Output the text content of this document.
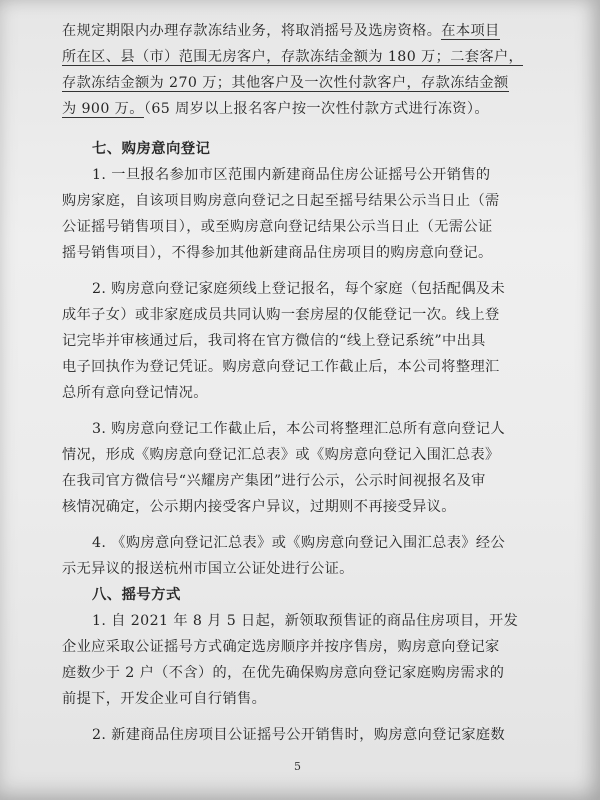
在规定期限内办理存款冻结业务，将取消摇号及选房资格。在本项目
所在区、县（市）范围无房客户，存款冻结金额为 180 万；二套客户，
存款冻结金额为 270 万；其他客户及一次性付款客户，存款冻结金额
为 900 万。（65 周岁以上报名客户按一次性付款方式进行冻资）。
七、购房意向登记
1. 一旦报名参加市区范围内新建商品住房公证摇号公开销售的
购房家庭，自该项目购房意向登记之日起至摇号结果公示当日止（需
公证摇号销售项目），或至购房意向登记结果公示当日止（无需公证
摇号销售项目），不得参加其他新建商品住房项目的购房意向登记。
2. 购房意向登记家庭须线上登记报名，每个家庭（包括配偶及未
成年子女）或非家庭成员共同认购一套房屋的仅能登记一次。线上登
记完毕并审核通过后，我司将在官方微信的“线上登记系统”中出具
电子回执作为登记凭证。购房意向登记工作截止后，本公司将整理汇
总所有意向登记情况。
3. 购房意向登记工作截止后，本公司将整理汇总所有意向登记人
情况，形成《购房意向登记汇总表》或《购房意向登记入围汇总表》
在我司官方微信号“兴耀房产集团”进行公示，公示时间视报名及审
核情况确定，公示期内接受客户异议，过期则不再接受异议。
4. 《购房意向登记汇总表》或《购房意向登记入围汇总表》经公
示无异议的报送杭州市国立公证处进行公证。
八、摇号方式
1. 自 2021 年 8 月 5 日起，新领取预售证的商品住房项目，开发
企业应采取公证摇号方式确定选房顺序并按序售房，购房意向登记家
庭数少于 2 户（不含）的，在优先确保购房意向登记家庭购房需求的
前提下，开发企业可自行销售。
2. 新建商品住房项目公证摇号公开销售时，购房意向登记家庭数
5
